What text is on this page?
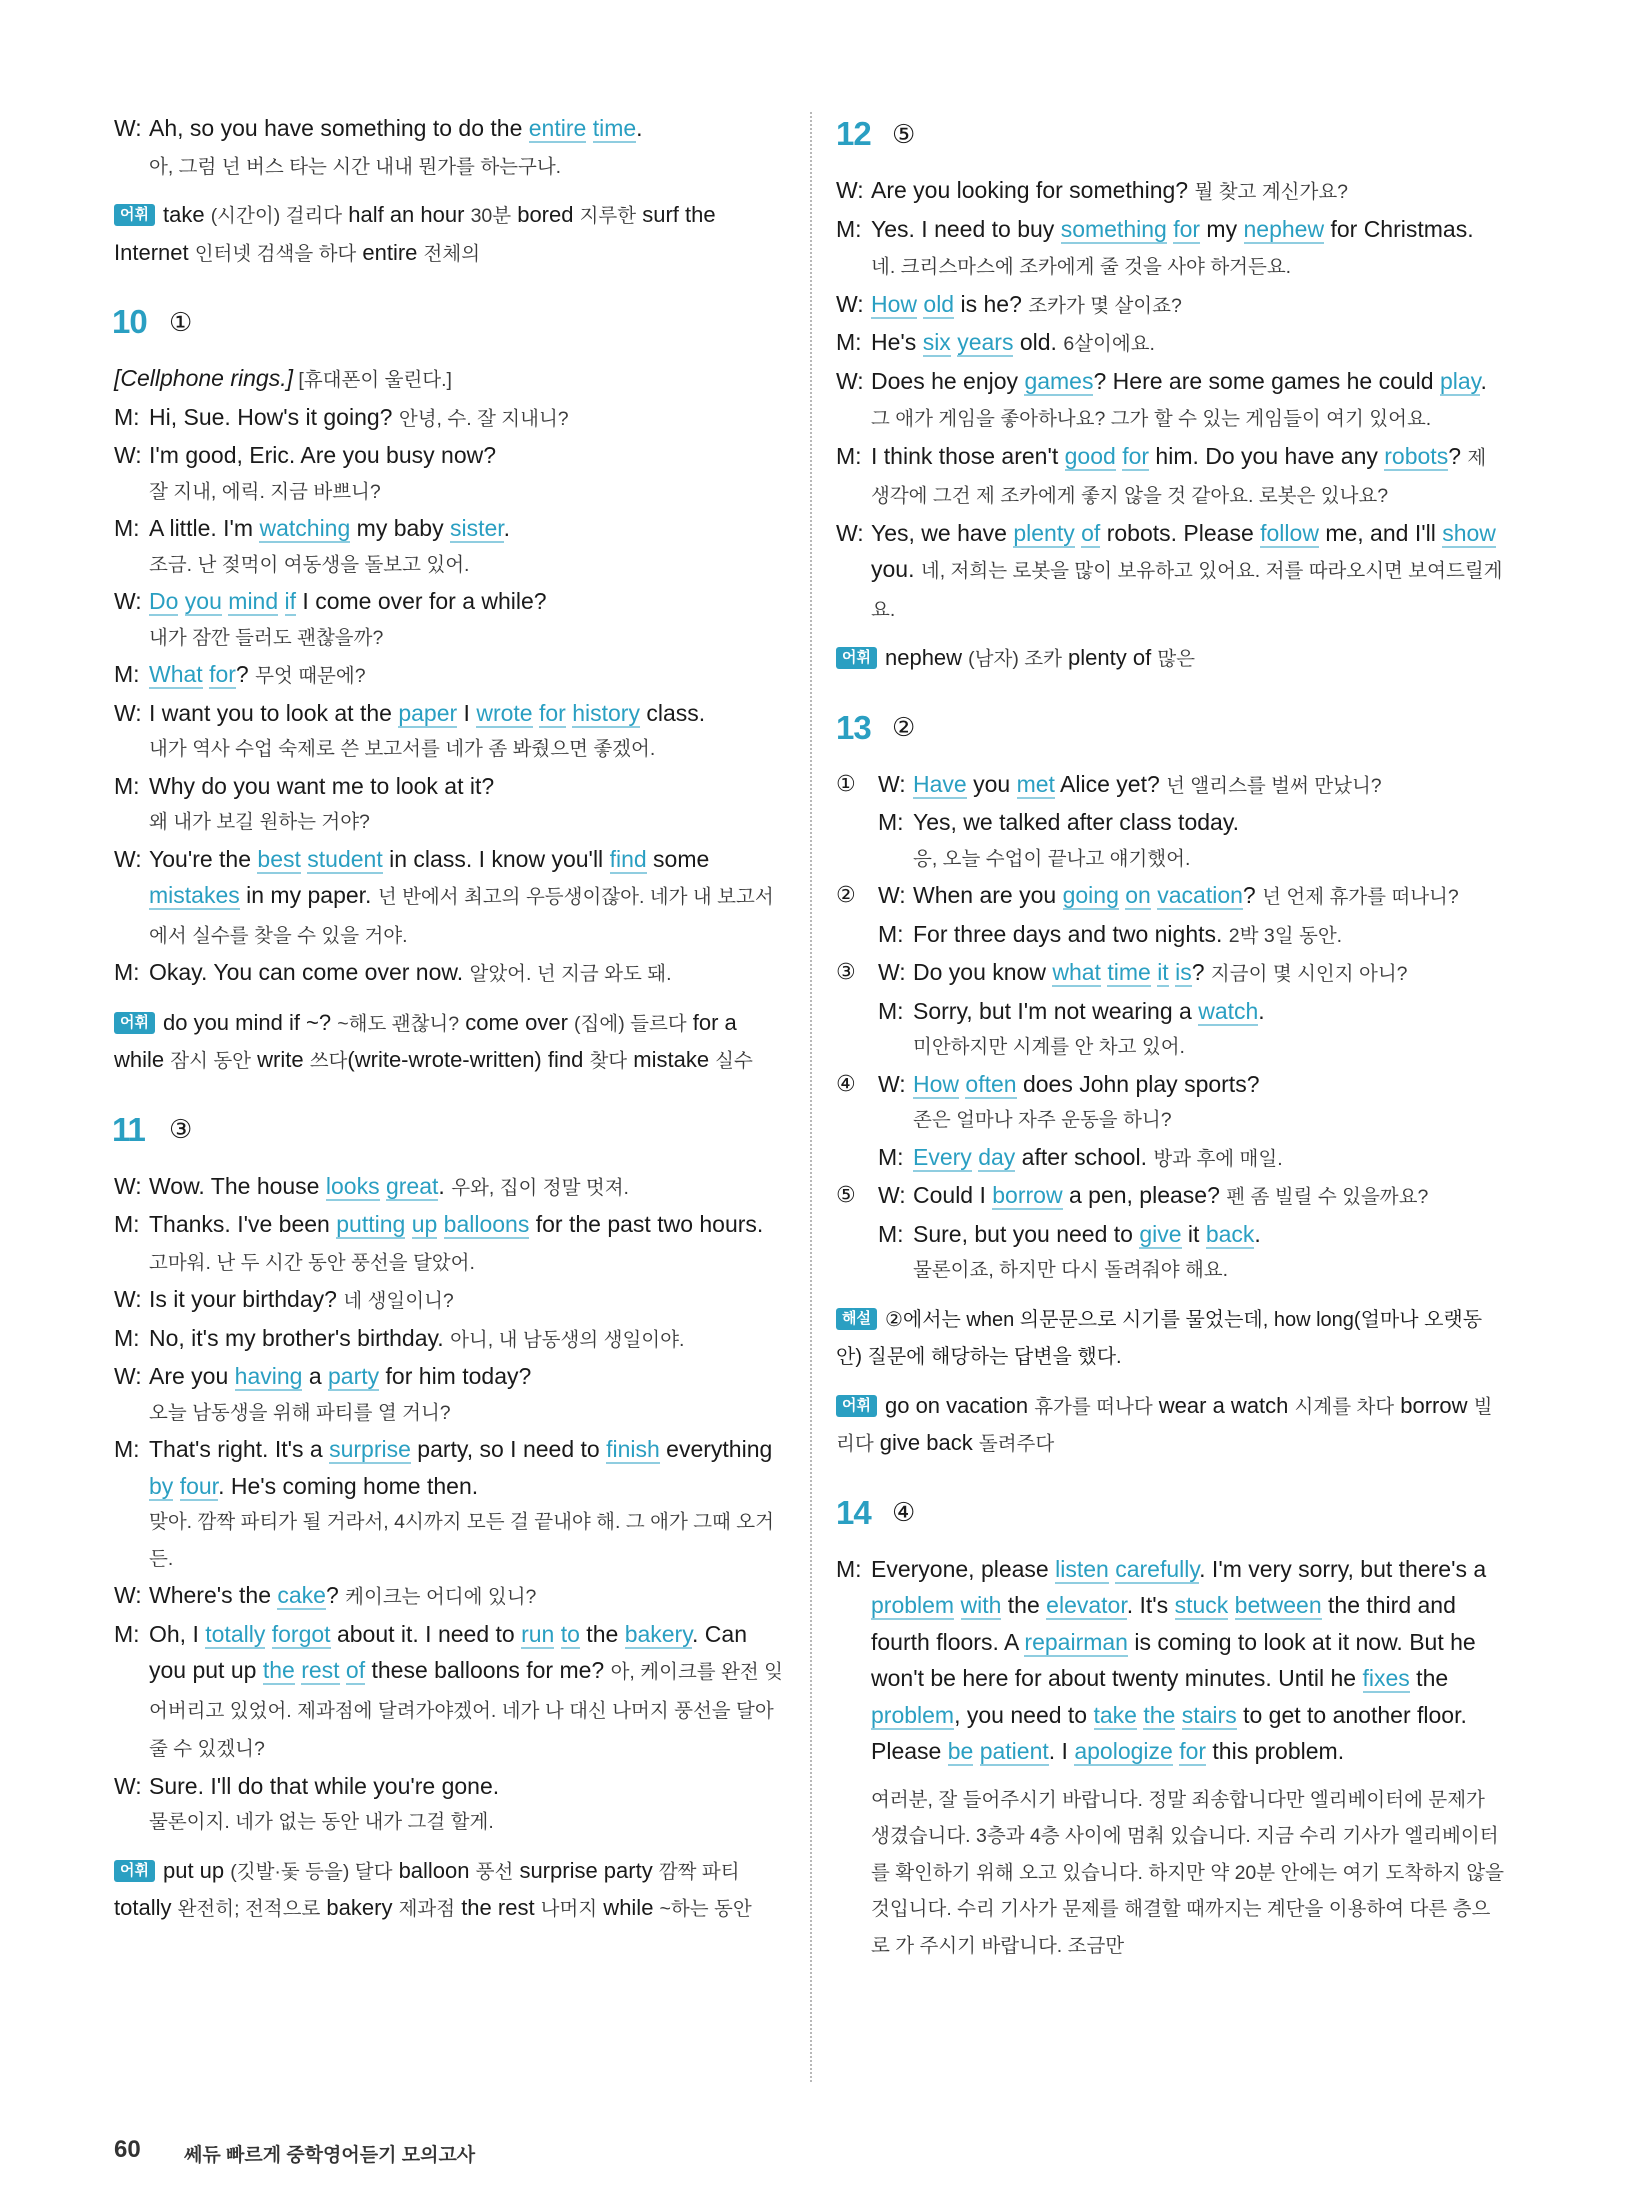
W: Ah, so you have something to do the entire time.
아, 그럼 넌 버스 타는 시간 내내 뭔가를 하는구나.
어휘 take (시간이) 걸리다 half an hour 30분 bored 지루한 surf the Internet 인터넷 검색을 하다 entire 전체의
10 ①
[Cellphone rings.] [휴대폰이 울린다.]
M: Hi, Sue. How's it going? 안녕, 수. 잘 지내니?
W: I'm good, Eric. Are you busy now?
잘 지내, 에릭. 지금 바쁘니?
M: A little. I'm watching my baby sister.
조금. 난 젖먹이 여동생을 돌보고 있어.
W: Do you mind if I come over for a while?
내가 잠깐 들러도 괜찮을까?
M: What for? 무엇 때문에?
W: I want you to look at the paper I wrote for history class.
내가 역사 수업 숙제로 쓴 보고서를 네가 좀 봐줬으면 좋겠어.
M: Why do you want me to look at it?
왜 내가 보길 원하는 거야?
W: You're the best student in class. I know you'll find some mistakes in my paper. 넌 반에서 최고의 우등생이잖아. 네가 내 보고서에서 실수를 찾을 수 있을 거야.
M: Okay. You can come over now. 알았어. 넌 지금 와도 돼.
어휘 do you mind if ~? ~해도 괜찮니? come over (집에) 들르다 for a while 잠시 동안 write 쓰다(write-wrote-written) find 찾다 mistake 실수
11 ③
W: Wow. The house looks great. 우와, 집이 정말 멋져.
M: Thanks. I've been putting up balloons for the past two hours. 고마워. 난 두 시간 동안 풍선을 달았어.
W: Is it your birthday? 네 생일이니?
M: No, it's my brother's birthday. 아니, 내 남동생의 생일이야.
W: Are you having a party for him today?
오늘 남동생을 위해 파티를 열 거니?
M: That's right. It's a surprise party, so I need to finish everything by four. He's coming home then.
맞아. 깜짝 파티가 될 거라서, 4시까지 모든 걸 끝내야 해. 그 애가 그때 오거든.
W: Where's the cake? 케이크는 어디에 있니?
M: Oh, I totally forgot about it. I need to run to the bakery. Can you put up the rest of these balloons for me? 아, 케이크를 완전 잊어버리고 있었어. 제과점에 달려가야겠어. 네가 나 대신 나머지 풍선을 달아줄 수 있겠니?
W: Sure. I'll do that while you're gone.
물론이지. 네가 없는 동안 내가 그걸 할게.
어휘 put up (깃발·돛 등을) 달다 balloon 풍선 surprise party 깜짝 파티 totally 완전히; 전적으로 bakery 제과점 the rest 나머지 while ~하는 동안
12 ⑤
W: Are you looking for something? 뭘 찾고 계신가요?
M: Yes. I need to buy something for my nephew for Christmas. 네. 크리스마스에 조카에게 줄 것을 사야 하거든요.
W: How old is he? 조카가 몇 살이죠?
M: He's six years old. 6살이에요.
W: Does he enjoy games? Here are some games he could play. 그 애가 게임을 좋아하나요? 그가 할 수 있는 게임들이 여기 있어요.
M: I think those aren't good for him. Do you have any robots? 제 생각에 그건 제 조카에게 좋지 않을 것 같아요. 로봇은 있나요?
W: Yes, we have plenty of robots. Please follow me, and I'll show you. 네, 저희는 로봇을 많이 보유하고 있어요. 저를 따라오시면 보여드릴게요.
어휘 nephew (남자) 조카 plenty of 많은
13 ②
① W: Have you met Alice yet? 넌 앨리스를 벌써 만났니?
M: Yes, we talked after class today.
응, 오늘 수업이 끝나고 얘기했어.
② W: When are you going on vacation? 넌 언제 휴가를 떠나니?
M: For three days and two nights. 2박 3일 동안.
③ W: Do you know what time it is? 지금이 몇 시인지 아니?
M: Sorry, but I'm not wearing a watch.
미안하지만 시계를 안 차고 있어.
④ W: How often does John play sports?
존은 얼마나 자주 운동을 하니?
M: Every day after school. 방과 후에 매일.
⑤ W: Could I borrow a pen, please? 펜 좀 빌릴 수 있을까요?
M: Sure, but you need to give it back.
물론이죠, 하지만 다시 돌려줘야 해요.
해설 ②에서는 when 의문문으로 시기를 물었는데, how long(얼마나 오랫동안) 질문에 해당하는 답변을 했다.
어휘 go on vacation 휴가를 떠나다 wear a watch 시계를 차다 borrow 빌리다 give back 돌려주다
14 ④
M: Everyone, please listen carefully. I'm very sorry, but there's a problem with the elevator. It's stuck between the third and fourth floors. A repairman is coming to look at it now. But he won't be here for about twenty minutes. Until he fixes the problem, you need to take the stairs to get to another floor. Please be patient. I apologize for this problem.
여러분, 잘 들어주시기 바랍니다. 정말 죄송합니다만 엘리베이터에 문제가 생겼습니다. 3층과 4층 사이에 멈춰 있습니다. 지금 수리 기사가 엘리베이터를 확인하기 위해 오고 있습니다. 하지만 약 20분 안에는 여기 도착하지 않을 것입니다. 수리 기사가 문제를 해결할 때까지는 계단을 이용하여 다른 층으로 가 주시기 바랍니다. 조금만
60 쎄듀 빠르게 중학영어듣기 모의고사
